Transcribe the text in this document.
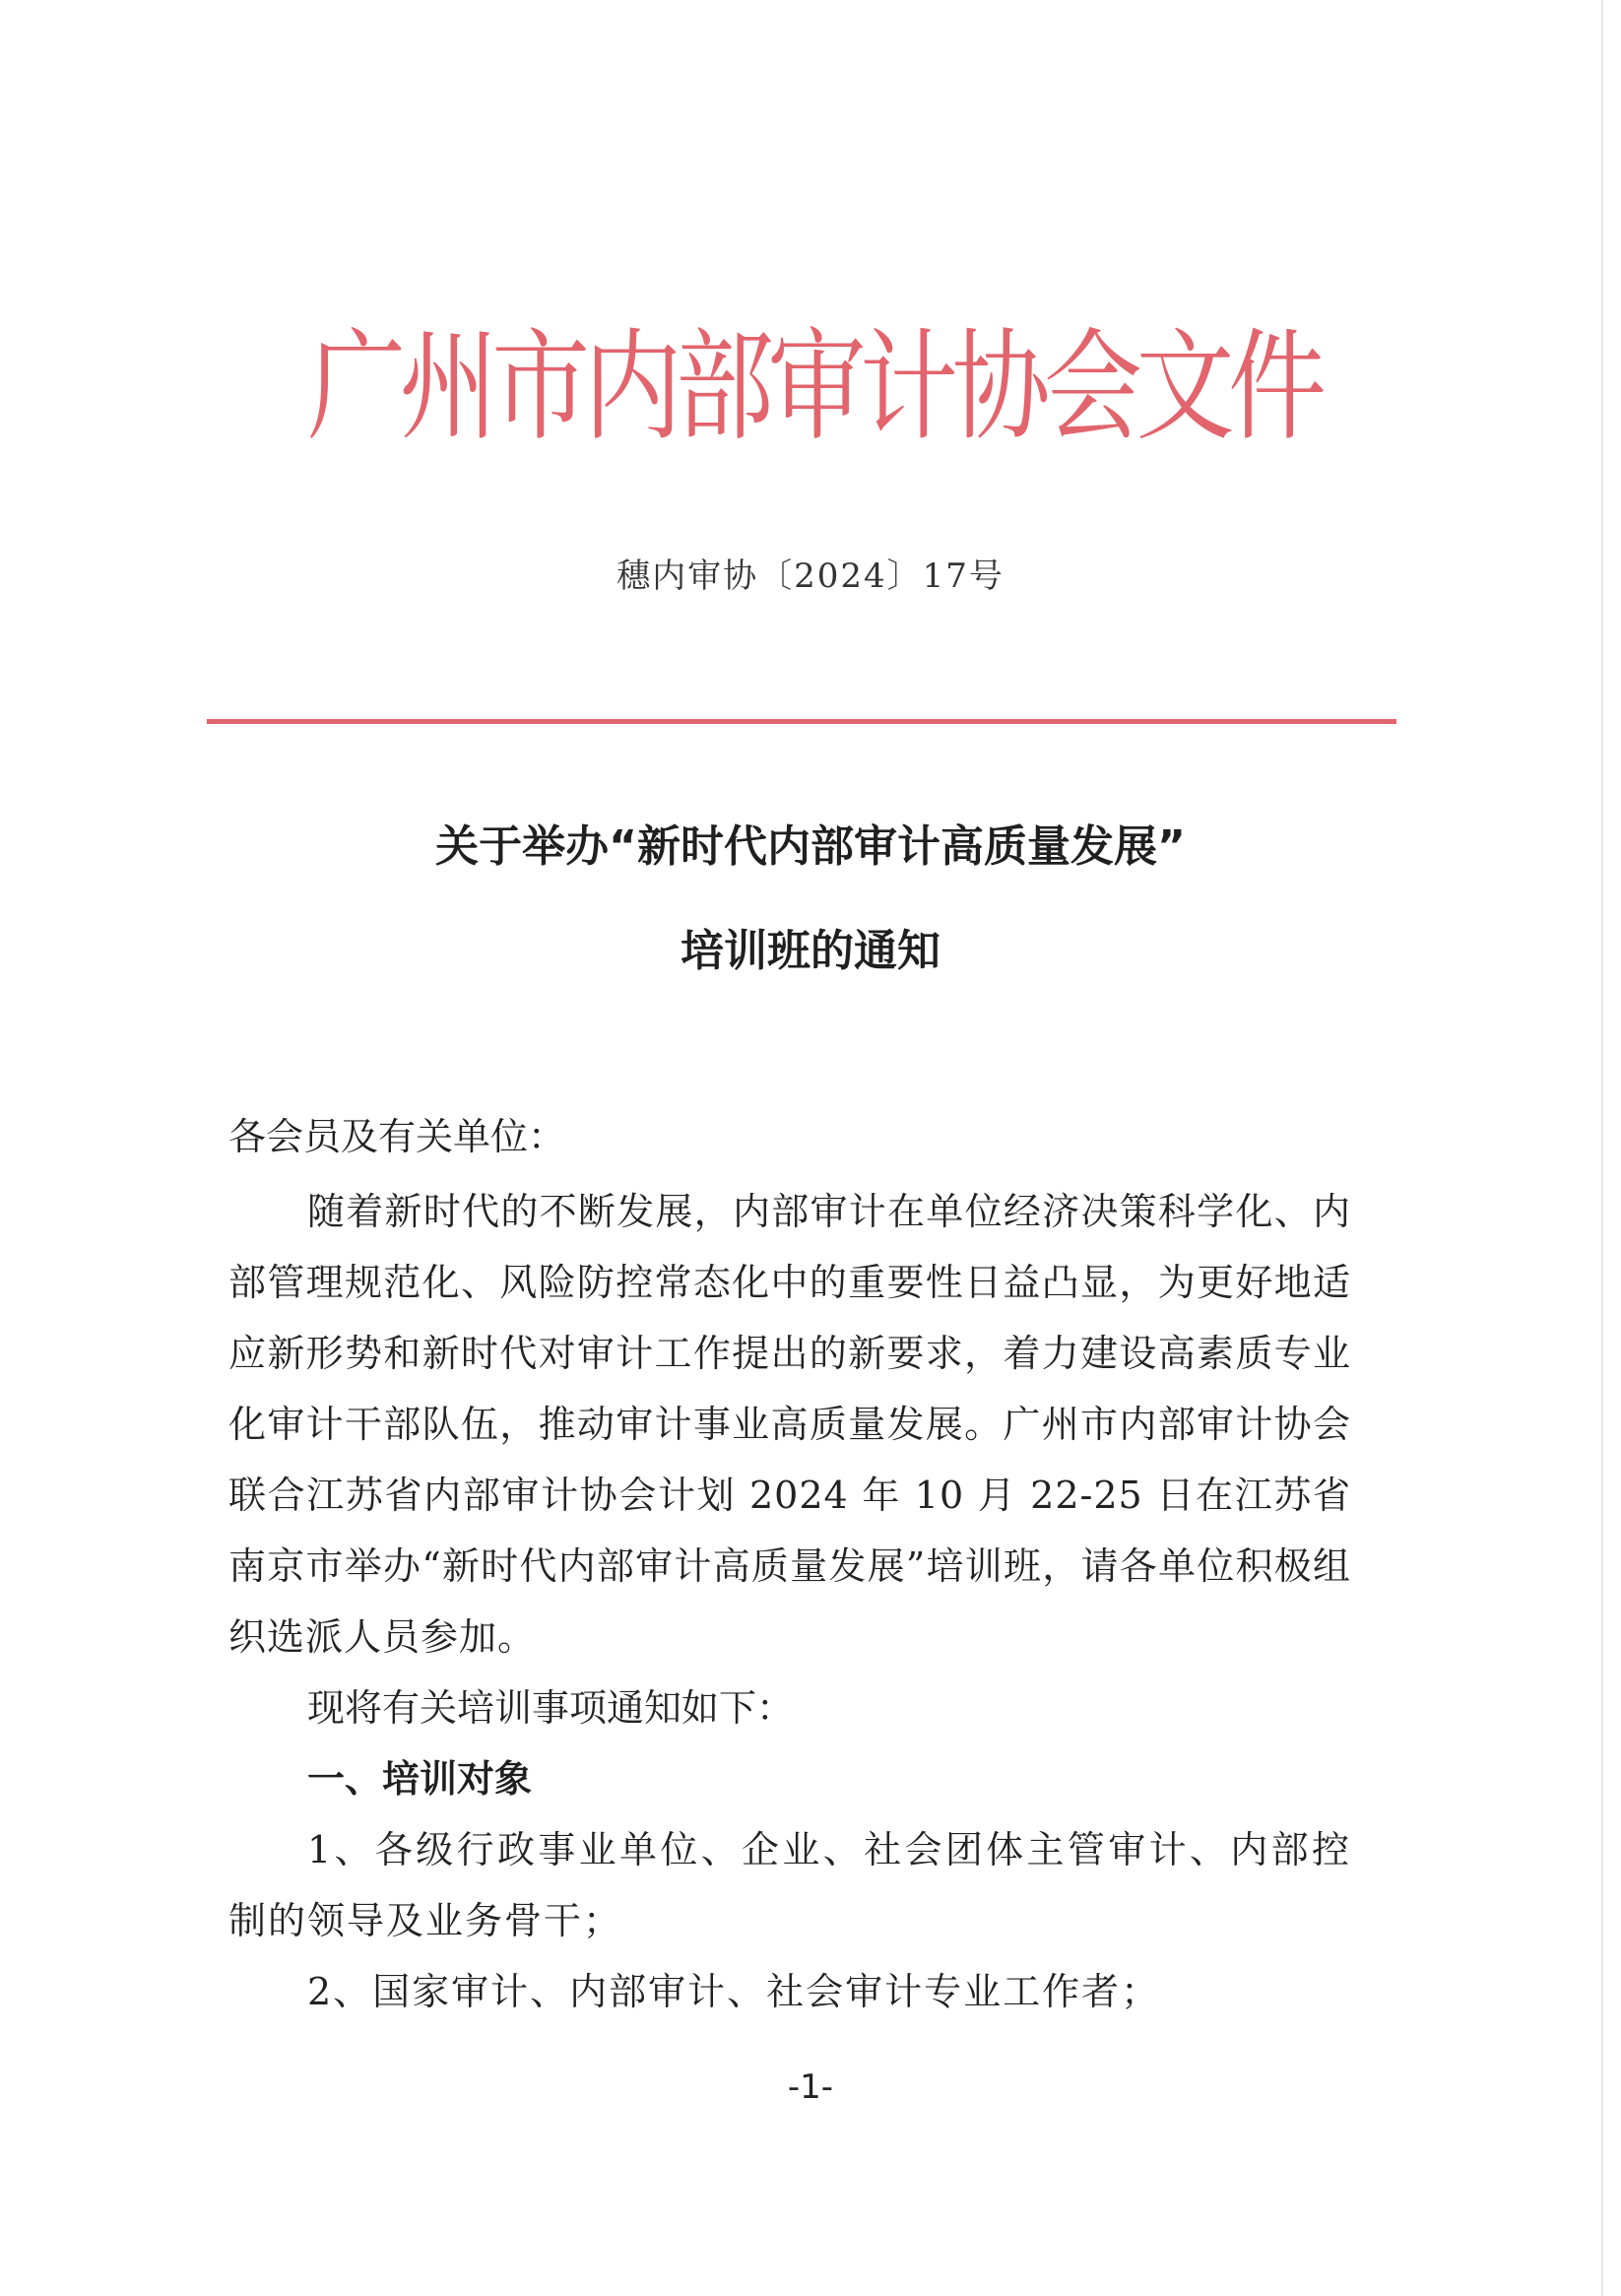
广州市内部审计协会文件
穗内审协〔2024〕17号
关于举办“新时代内部审计高质量发展”
培训班的通知
各会员及有关单位：
随着新时代的不断发展，内部审计在单位经济决策科学化、内部管理规范化、风险防控常态化中的重要性日益凸显，为更好地适应新形势和新时代对审计工作提出的新要求，着力建设高素质专业化审计干部队伍，推动审计事业高质量发展。广州市内部审计协会联合江苏省内部审计协会计划 2024 年 10 月 22-25 日在江苏省南京市举办“新时代内部审计高质量发展”培训班，请各单位积极组织选派人员参加。
现将有关培训事项通知如下：
一、培训对象
1、各级行政事业单位、企业、社会团体主管审计、内部控制的领导及业务骨干；
2、国家审计、内部审计、社会审计专业工作者；
-1-
